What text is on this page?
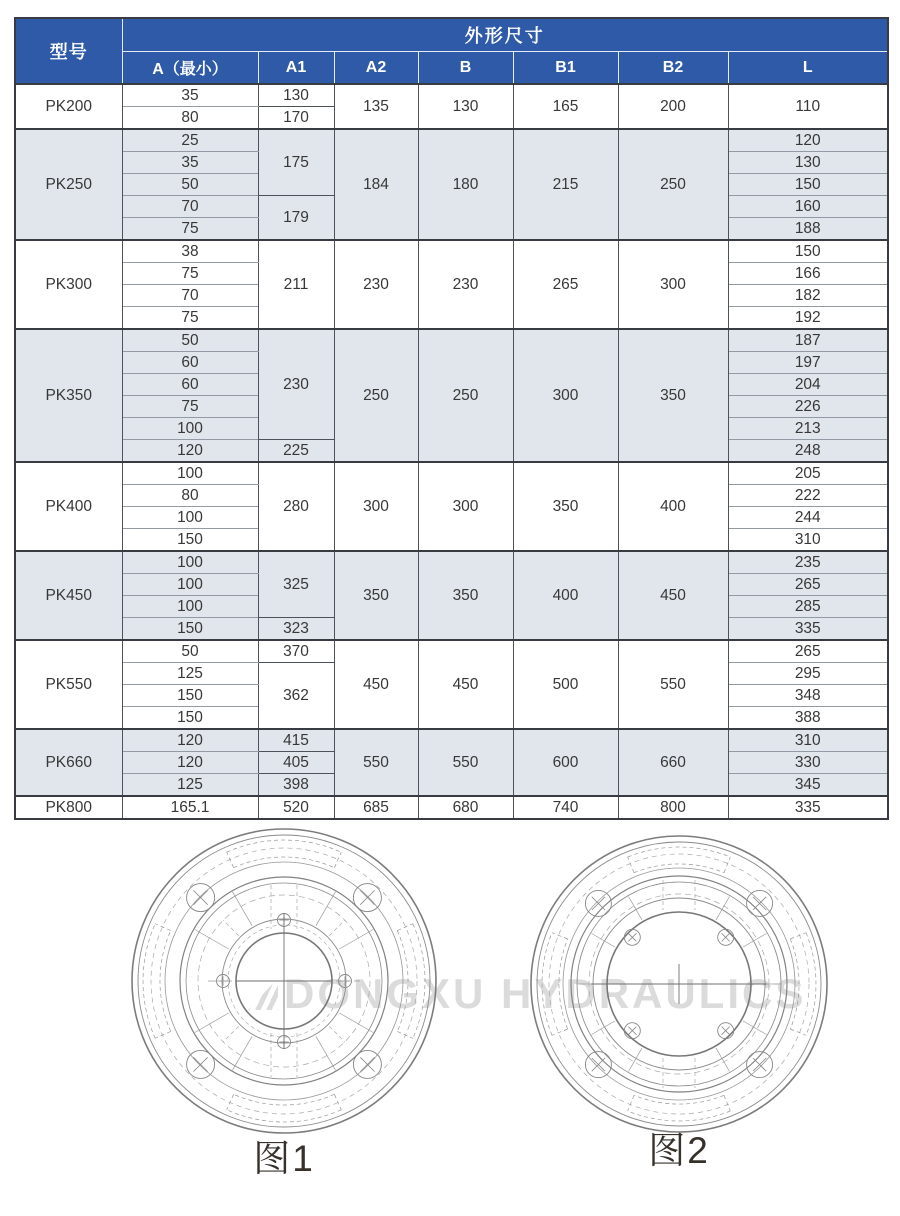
型号	外形尺寸						
	A（最小）	A1	A2	B	B1	B2	L
PK200	35	130	135	130	165	200	110
	80	170					
PK250	25	175	184	180	215	250	120
	35						130
	50						150
	70	179					160
	75						188
PK300	38	211	230	230	265	300	150
	75						166
	70						182
	75						192
PK350	50	230	250	250	300	350	187
	60						197
	60						204
	75						226
	100						213
	120	225					248
PK400	100	280	300	300	350	400	205
	80						222
	100						244
	150						310
PK450	100	325	350	350	400	450	235
	100						265
	100						285
	150	323					335
PK550	50	370	450	450	500	550	265
	125	362					295
	150						348
	150						388
PK660	120	415	550	550	600	660	310
	120	405					330
	125	398					345
PK800	165.1	520	685	680	740	800	335
DONGXU HYDRAULICS
图1	图2
